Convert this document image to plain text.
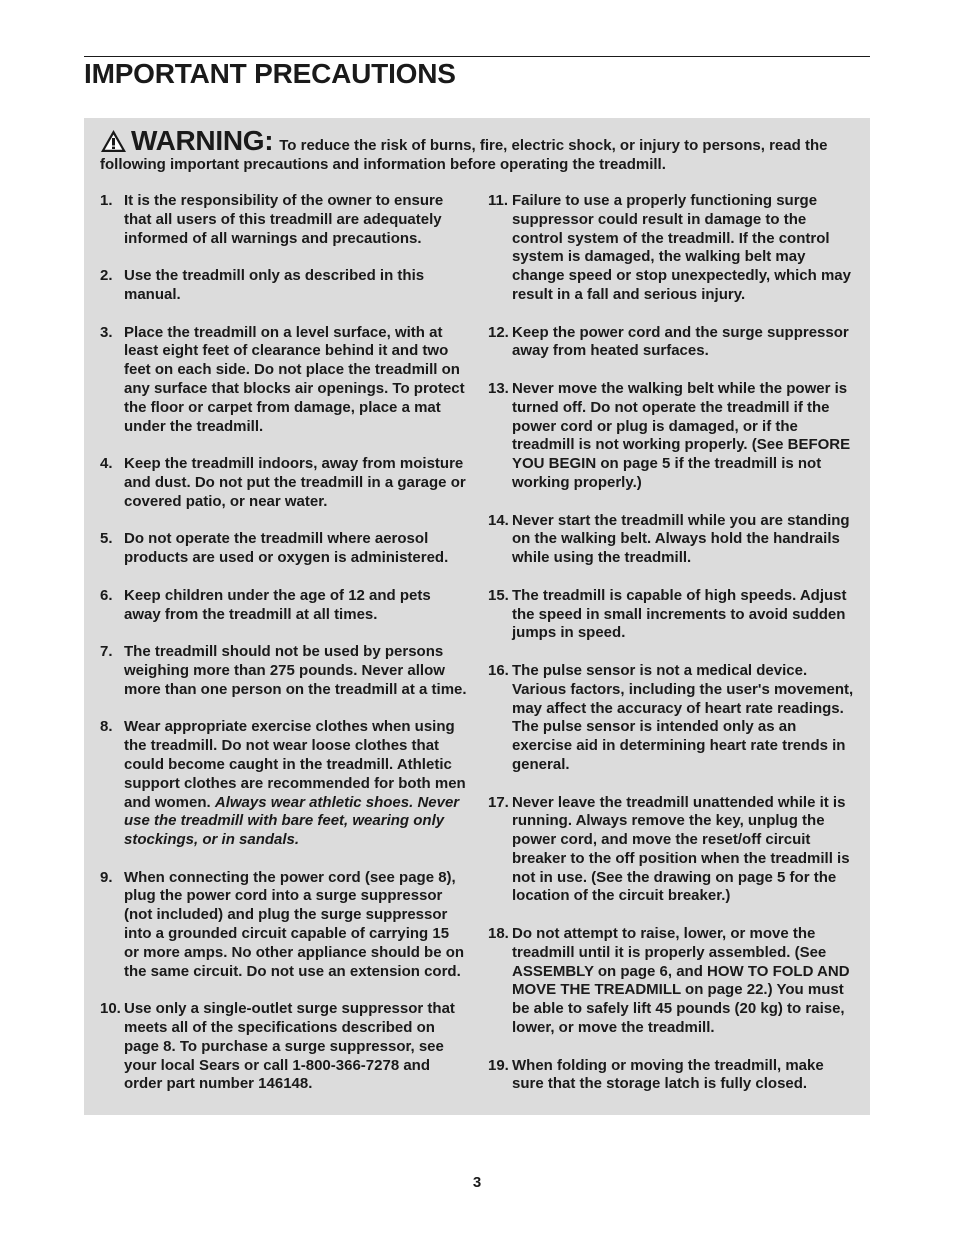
IMPORTANT PRECAUTIONS
WARNING: To reduce the risk of burns, fire, electric shock, or injury to persons, read the following important precautions and information before operating the treadmill.
1. It is the responsibility of the owner to ensure that all users of this treadmill are adequately informed of all warnings and precautions.
2. Use the treadmill only as described in this manual.
3. Place the treadmill on a level surface, with at least eight feet of clearance behind it and two feet on each side. Do not place the treadmill on any surface that blocks air openings. To protect the floor or carpet from damage, place a mat under the treadmill.
4. Keep the treadmill indoors, away from moisture and dust. Do not put the treadmill in a garage or covered patio, or near water.
5. Do not operate the treadmill where aerosol products are used or oxygen is administered.
6. Keep children under the age of 12 and pets away from the treadmill at all times.
7. The treadmill should not be used by persons weighing more than 275 pounds. Never allow more than one person on the treadmill at a time.
8. Wear appropriate exercise clothes when using the treadmill. Do not wear loose clothes that could become caught in the treadmill. Athletic support clothes are recommended for both men and women. Always wear athletic shoes. Never use the treadmill with bare feet, wearing only stockings, or in sandals.
9. When connecting the power cord (see page 8), plug the power cord into a surge suppressor (not included) and plug the surge suppressor into a grounded circuit capable of carrying 15 or more amps. No other appliance should be on the same circuit. Do not use an extension cord.
10. Use only a single-outlet surge suppressor that meets all of the specifications described on page 8. To purchase a surge suppressor, see your local Sears or call 1-800-366-7278 and order part number 146148.
11. Failure to use a properly functioning surge suppressor could result in damage to the control system of the treadmill. If the control system is damaged, the walking belt may change speed or stop unexpectedly, which may result in a fall and serious injury.
12. Keep the power cord and the surge suppressor away from heated surfaces.
13. Never move the walking belt while the power is turned off. Do not operate the treadmill if the power cord or plug is damaged, or if the treadmill is not working properly. (See BEFORE YOU BEGIN on page 5 if the treadmill is not working properly.)
14. Never start the treadmill while you are standing on the walking belt. Always hold the handrails while using the treadmill.
15. The treadmill is capable of high speeds. Adjust the speed in small increments to avoid sudden jumps in speed.
16. The pulse sensor is not a medical device. Various factors, including the user's movement, may affect the accuracy of heart rate readings. The pulse sensor is intended only as an exercise aid in determining heart rate trends in general.
17. Never leave the treadmill unattended while it is running. Always remove the key, unplug the power cord, and move the reset/off circuit breaker to the off position when the treadmill is not in use. (See the drawing on page 5 for the location of the circuit breaker.)
18. Do not attempt to raise, lower, or move the treadmill until it is properly assembled. (See ASSEMBLY on page 6, and HOW TO FOLD AND MOVE THE TREADMILL on page 22.) You must be able to safely lift 45 pounds (20 kg) to raise, lower, or move the treadmill.
19. When folding or moving the treadmill, make sure that the storage latch is fully closed.
3
